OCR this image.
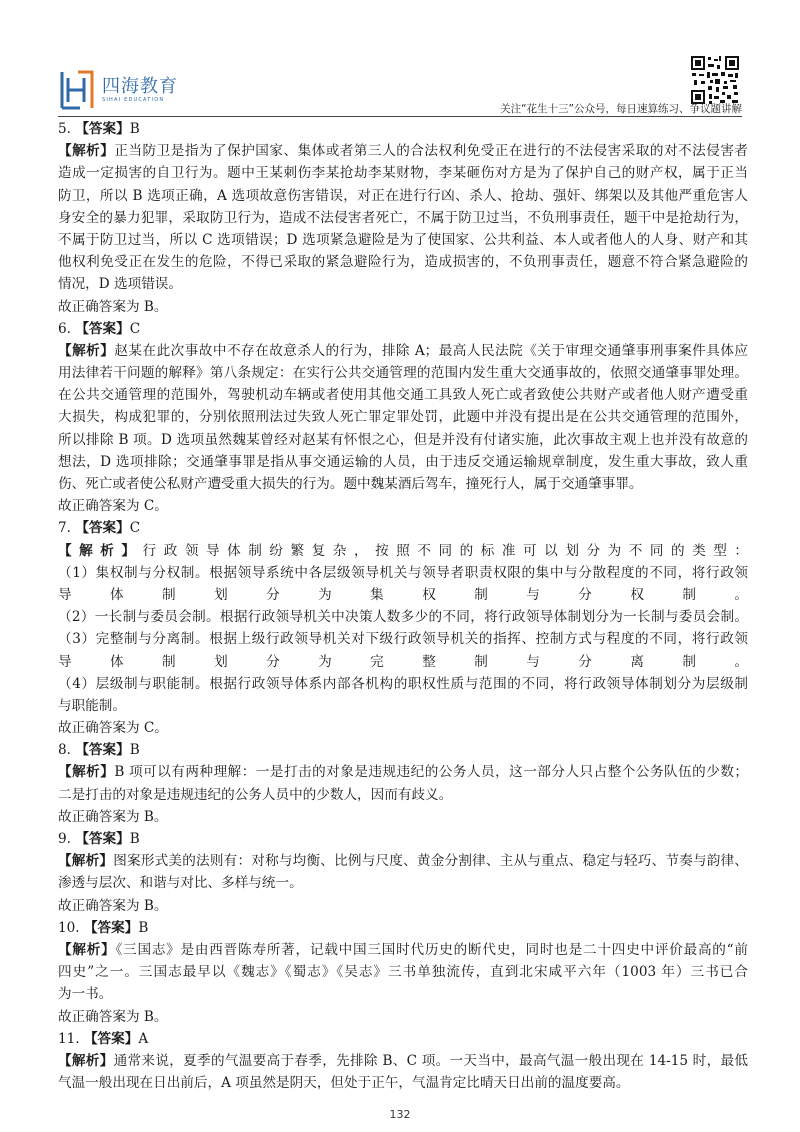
四海教育
SIHAI EDUCATION
关注“花生十三”公众号，每日速算练习、争议题讲解
5. 【答案】B
【解析】正当防卫是指为了保护国家、集体或者第三人的合法权利免受正在进行的不法侵害采取的对不法侵害者
造成一定损害的自卫行为。题中王某刺伤李某抢劫李某财物，李某砸伤对方是为了保护自己的财产权，属于正当
防卫，所以 B 选项正确，A 选项故意伤害错误，对正在进行行凶、杀人、抢劫、强奸、绑架以及其他严重危害人
身安全的暴力犯罪，采取防卫行为，造成不法侵害者死亡，不属于防卫过当，不负刑事责任，题干中是抢劫行为，
不属于防卫过当，所以 C 选项错误；D 选项紧急避险是为了使国家、公共利益、本人或者他人的人身、财产和其
他权利免受正在发生的危险，不得已采取的紧急避险行为，造成损害的，不负刑事责任，题意不符合紧急避险的
情况，D 选项错误。
故正确答案为 B。
6. 【答案】C
【解析】赵某在此次事故中不存在故意杀人的行为，排除 A；最高人民法院《关于审理交通肇事刑事案件具体应
用法律若干问题的解释》第八条规定：在实行公共交通管理的范围内发生重大交通事故的，依照交通肇事罪处理。
在公共交通管理的范围外，驾驶机动车辆或者使用其他交通工具致人死亡或者致使公共财产或者他人财产遭受重
大损失，构成犯罪的，分别依照刑法过失致人死亡罪定罪处罚，此题中并没有提出是在公共交通管理的范围外，
所以排除 B 项。D 选项虽然魏某曾经对赵某有怀恨之心，但是并没有付诸实施，此次事故主观上也并没有故意的
想法，D 选项排除；交通肇事罪是指从事交通运输的人员，由于违反交通运输规章制度，发生重大事故，致人重
伤、死亡或者使公私财产遭受重大损失的行为。题中魏某酒后驾车，撞死行人，属于交通肇事罪。
故正确答案为 C。
7. 【答案】C
【解析】行政领导体制纷繁复杂，按照不同的标准可以划分为不同的类型：
（1）集权制与分权制。根据领导系统中各层级领导机关与领导者职责权限的集中与分散程度的不同，将行政领
导体制划分为集权制与分权制。
（2）一长制与委员会制。根据行政领导机关中决策人数多少的不同，将行政领导体制划分为一长制与委员会制。
（3）完整制与分离制。根据上级行政领导机关对下级行政领导机关的指挥、控制方式与程度的不同，将行政领
导体制划分为完整制与分离制。
（4）层级制与职能制。根据行政领导体系内部各机构的职权性质与范围的不同，将行政领导体制划分为层级制
与职能制。
故正确答案为 C。
8. 【答案】B
【解析】B 项可以有两种理解：一是打击的对象是违规违纪的公务人员，这一部分人只占整个公务队伍的少数；
二是打击的对象是违规违纪的公务人员中的少数人，因而有歧义。
故正确答案为 B。
9. 【答案】B
【解析】图案形式美的法则有：对称与均衡、比例与尺度、黄金分割律、主从与重点、稳定与轻巧、节奏与韵律、
渗透与层次、和谐与对比、多样与统一。
故正确答案为 B。
10. 【答案】B
【解析】《三国志》是由西晋陈寿所著，记载中国三国时代历史的断代史，同时也是二十四史中评价最高的“前
四史”之一。三国志最早以《魏志》《蜀志》《吴志》三书单独流传，直到北宋咸平六年（1003 年）三书已合
为一书。
故正确答案为 B。
11. 【答案】A
【解析】通常来说，夏季的气温要高于春季，先排除 B、C 项。一天当中，最高气温一般出现在 14-15 时，最低
气温一般出现在日出前后，A 项虽然是阴天，但处于正午，气温肯定比晴天日出前的温度要高。
132
